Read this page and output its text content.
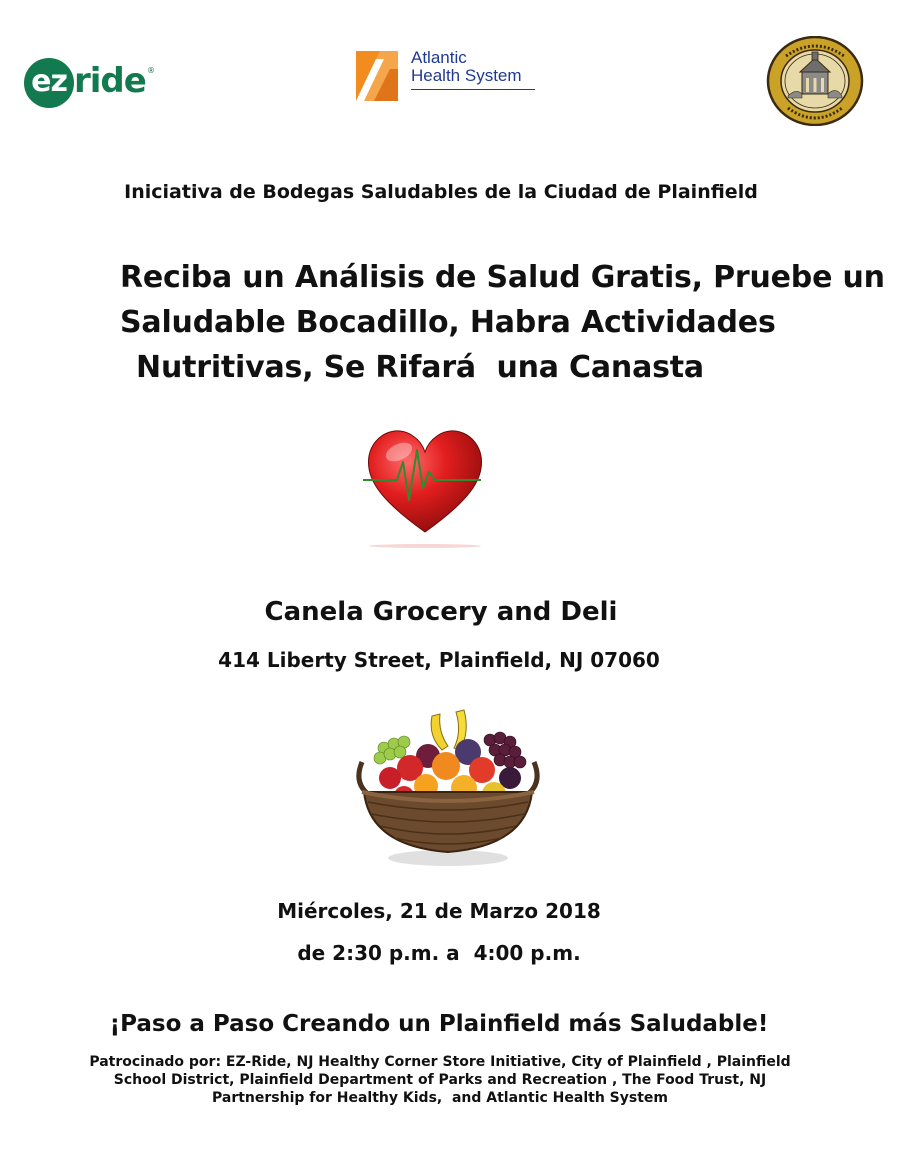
ez ride ®
Atlantic
Health System
Iniciativa de Bodegas Saludables de la Ciudad de Plainfield
Reciba un Análisis de Salud Gratis, Pruebe un
Saludable Bocadillo, Habra Actividades
Nutritivas, Se Rifará  una Canasta
Canela Grocery and Deli
414 Liberty Street, Plainfield, NJ 07060
Miércoles, 21 de Marzo 2018
de 2:30 p.m. a  4:00 p.m.
¡Paso a Paso Creando un Plainfield más Saludable!
Patrocinado por: EZ-Ride, NJ Healthy Corner Store Initiative, City of Plainfield , Plainfield
School District, Plainfield Department of Parks and Recreation , The Food Trust, NJ
Partnership for Healthy Kids,  and Atlantic Health System
